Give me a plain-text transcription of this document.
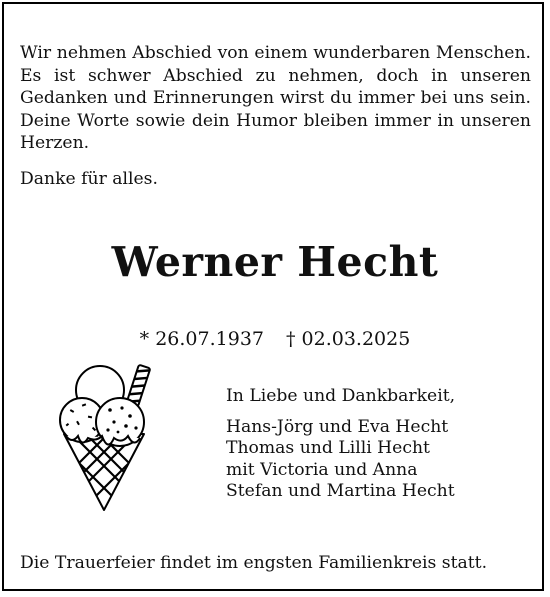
Wir nehmen Abschied von einem wunderbaren Menschen. Es ist schwer Abschied zu nehmen, doch in unseren Gedanken und Erinnerungen wirst du immer bei uns sein. Deine Worte sowie dein Humor bleiben immer in unseren Herzen.

Danke für alles.

Werner Hecht
* 26.07.1937 † 02.03.2025
In Liebe und Dankbarkeit,
Hans-Jörg und Eva Hecht
Thomas und Lilli Hecht
mit Victoria und Anna
Stefan und Martina Hecht

Die Trauerfeier findet im engsten Familienkreis statt.
